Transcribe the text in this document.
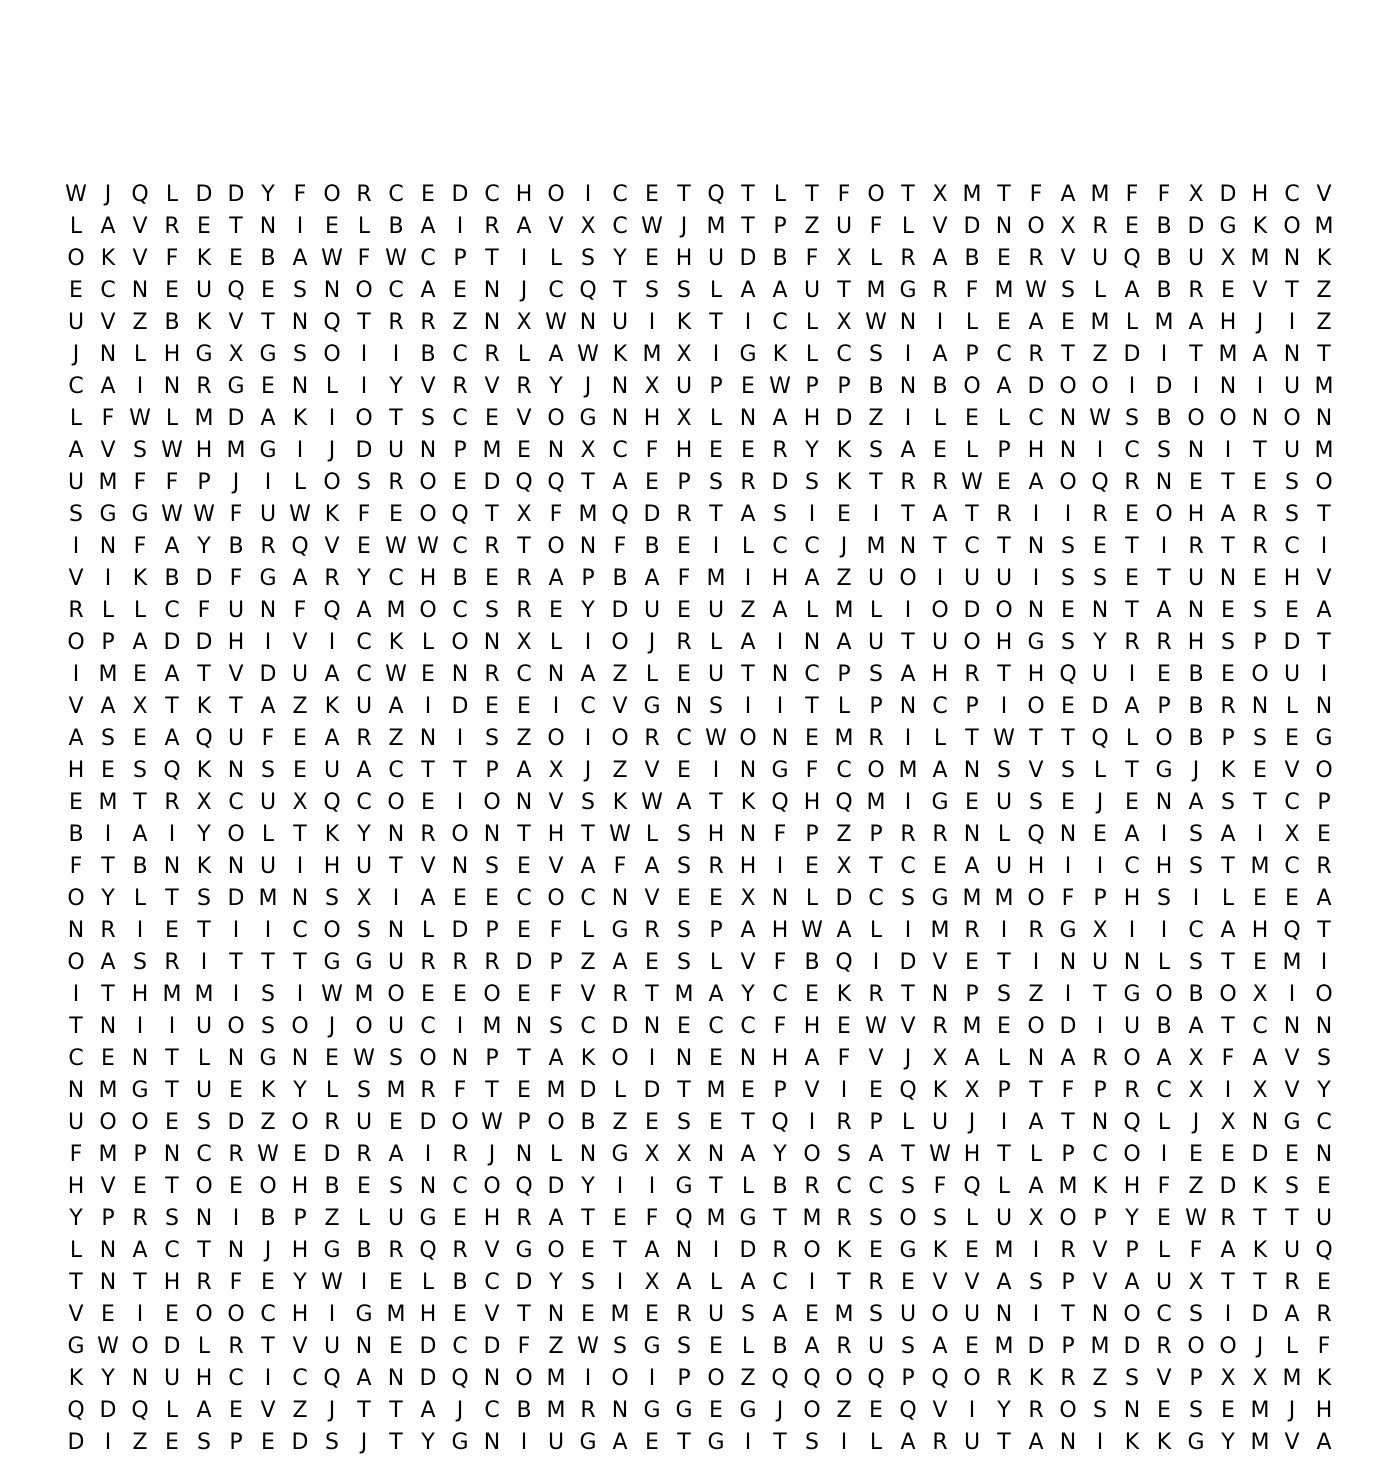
W J Q L D D Y F O R C E D C H O I C E T Q T L T F O T X M T F A M F F X D H C V
L A V R E T N I E L B A I R A V X C W J M T P Z U F L V D N O X R E B D G K O M
O K V F K E B A W F W C P T	I	L S Y E H U D B F X L R A B E R V U Q B U X M N K
E C N E U Q E S N O C A E N J C Q T S S L A A U T M G R F M W S L A B R E V T Z
U V Z B K V T N Q T R R Z N X W N U I K T	I C L X W N I	L E A E M L M A H J	I Z
J N L H G X G S O I	I B C R L A W K M X I G K L C S I A P C R T Z D I	T M A N T
C A I N R G E N L	I	Y V R V R Y	J N X U P E W P P B N B O A D O O I D I N I U M
L F W L M D A K I O T S C E V O G N H X L N A H D Z I	L E L C N W S B O O N O N
A V S W H M G I	J D U N P M E N X C F H E E R Y K S A E L P H N I C S N I	T U M
U M F F P	J	I	L O S R O E D Q Q T A E P S R D S K T R R W E A O Q R N E T E S O
S G G W W F U W K F E O Q T X F M Q D R T A S I E I	T A T R I	I R E O H A R S T
I N F A Y B R Q V E W W C R T O N F B E I	L C C J M N T C T N S E T	I R T R C I
V I K B D F G A R Y C H B E R A P B A F M I H A Z U O I U U I S S E T U N E H V
R L L C F U N F Q A M O C S R E Y D U E U Z A L M L	I O D O N E N T A N E S E A
O P A D D H I V I C K L O N X L	I O J R L A I N A U T U O H G S Y R R H S P D T
I M E A T V D U A C W E N R C N A Z L E U T N C P S A H R T H Q U I E B E O U I
V A X T K T A Z K U A I D E E I C V G N S I	I	T L P N C P	I O E D A P B R N L N
A S E A Q U F E A R Z N I S Z O I O R C W O N E M R I	L T W T T Q L O B P S E G
H E S Q K N S E U A C T T P A X J Z V E I N G F C O M A N S V S L T G J K E V O
E M T R X C U X Q C O E I O N V S K W A T K Q H Q M I G E U S E J E N A S T C P
B I A I	Y O L T K Y N R O N T H T W L S H N F P Z P R R N L Q N E A I S A I X E
F T B N K N U I H U T V N S E V A F A S R H I E X T C E A U H I	I C H S T M C R
O Y L T S D M N S X I A E E C O C N V E E X N L D C S G M M O F P H S I	L E E A
N R I E T	I	I C O S N L D P E F L G R S P A H W A L	I M R I R G X I	I C A H Q T
O A S R I	T T T G G U R R R D P Z A E S L V F B Q I D V E T	I N U N L S T E M I
I	T H M M I S I W M O E E O E F V R T M A Y C E K R T N P S Z I	T G O B O X I O
T N I	I U O S O J O U C I M N S C D N E C C F H E W V R M E O D I U B A T C N N
C E N T L N G N E W S O N P T A K O I N E N H A F V J X A L N A R O A X F A V S
N M G T U E K Y L S M R F T E M D L D T M E P V I E Q K X P T F P R C X I X V Y
U O O E S D Z O R U E D O W P O B Z E S E T Q I R P L U J	I A T N Q L	J X N G C
F M P N C R W E D R A I R J N L N G X X N A Y O S A T W H T L P C O I E E D E N
H V E T O E O H B E S N C O Q D Y	I	I G T L B R C C S F Q L A M K H F Z D K S E
Y P R S N I B P Z L U G E H R A T E F Q M G T M R S O S L U X O P Y E W R T T U
L N A C T N J H G B R Q R V G O E T A N I D R O K E G K E M I R V P L F A K U Q
T N T H R F E Y W I E L B C D Y S I X A L A C I	T R E V V A S P V A U X T T R E
V E I E O O C H I G M H E V T N E M E R U S A E M S U O U N I	T N O C S I D A R
G W O D L R T V U N E D C D F Z W S G S E L B A R U S A E M D P M D R O O J	L F
K Y N U H C I C Q A N D Q N O M I O I	P O Z Q Q O Q P Q O R K R Z S V P X X M K
Q D Q L A E V Z J	T T A J C B M R N G G E G J O Z E Q V I	Y R O S N E S E M J H
D I Z E S P E D S J	T Y G N I U G A E T G I	T S I	L A R U T A N I K K G Y M V A
